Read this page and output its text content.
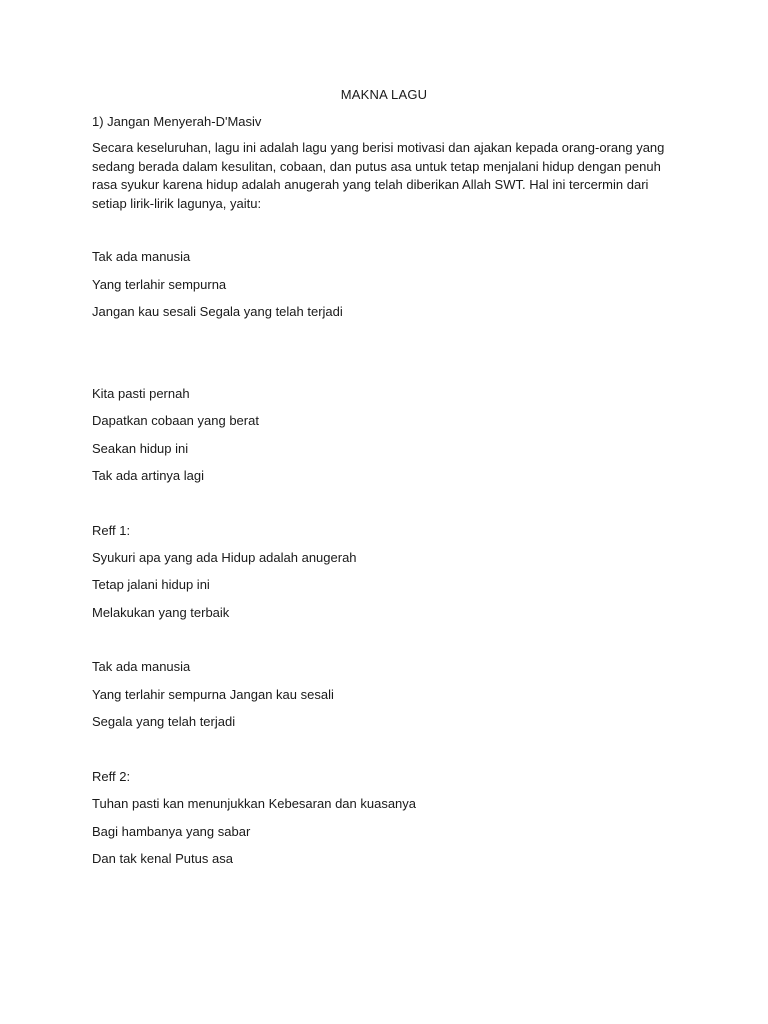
MAKNA LAGU
1) Jangan Menyerah-D'Masiv
Secara keseluruhan, lagu ini adalah lagu yang berisi motivasi dan ajakan kepada orang-orang yang
sedang berada dalam kesulitan, cobaan, dan putus asa untuk tetap menjalani hidup dengan penuh
rasa syukur karena hidup adalah anugerah yang telah diberikan Allah SWT. Hal ini tercermin dari
setiap lirik-lirik lagunya, yaitu:
Tak ada manusia
Yang terlahir sempurna
Jangan kau sesali Segala yang telah terjadi
Kita pasti pernah
Dapatkan cobaan yang berat
Seakan hidup ini
Tak ada artinya lagi
Reff 1:
Syukuri apa yang ada Hidup adalah anugerah
Tetap jalani hidup ini
Melakukan yang terbaik
Tak ada manusia
Yang terlahir sempurna Jangan kau sesali
Segala yang telah terjadi
Reff 2:
Tuhan pasti kan menunjukkan Kebesaran dan kuasanya
Bagi hambanya yang sabar
Dan tak kenal Putus asa
